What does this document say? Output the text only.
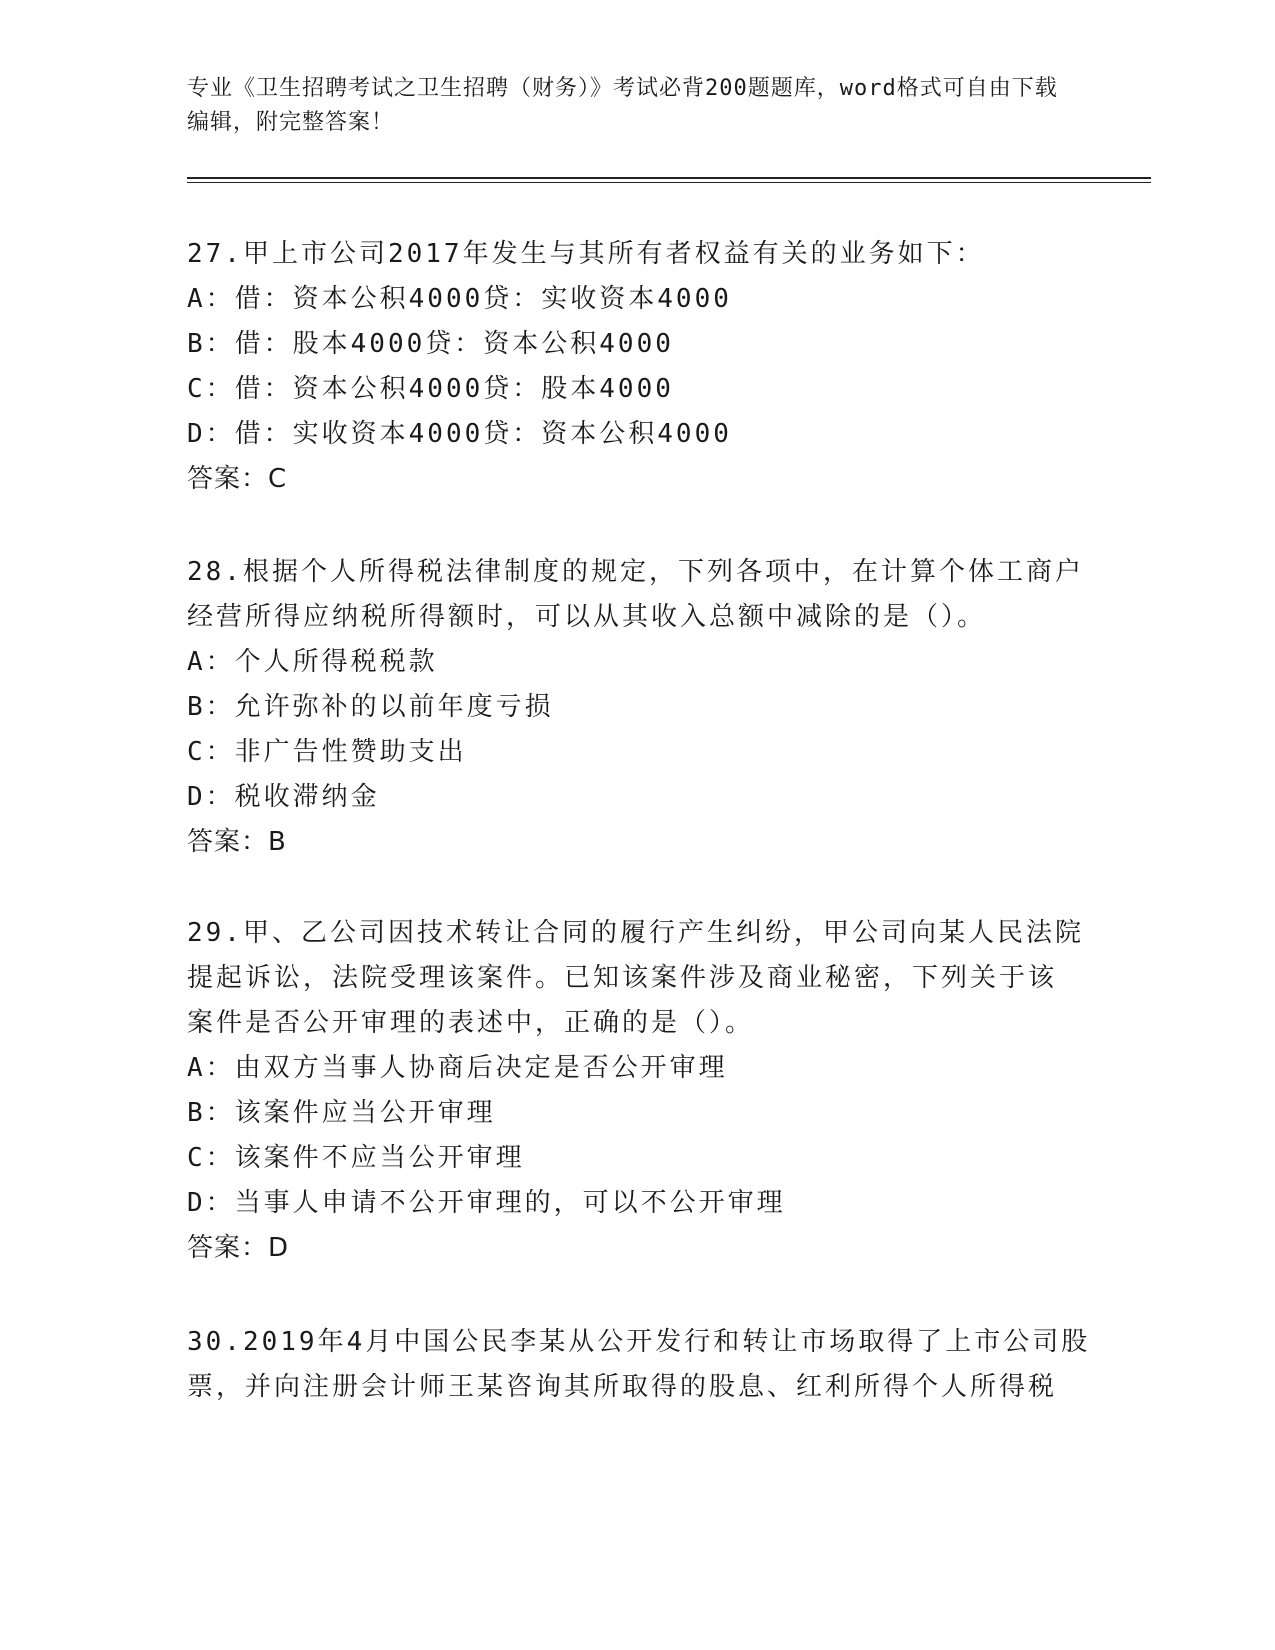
专业《卫生招聘考试之卫生招聘（财务）》考试必背200题题库，word格式可自由下载编辑，附完整答案！
27.甲上市公司2017年发生与其所有者权益有关的业务如下：
A：借：资本公积4000贷：实收资本4000
B：借：股本4000贷：资本公积4000
C：借：资本公积4000贷：股本4000
D：借：实收资本4000贷：资本公积4000
答案：C
28.根据个人所得税法律制度的规定，下列各项中，在计算个体工商户
经营所得应纳税所得额时，可以从其收入总额中减除的是（）。
A：个人所得税税款
B：允许弥补的以前年度亏损
C：非广告性赞助支出
D：税收滞纳金
答案：B
29.甲、乙公司因技术转让合同的履行产生纠纷，甲公司向某人民法院
提起诉讼，法院受理该案件。已知该案件涉及商业秘密，下列关于该
案件是否公开审理的表述中，正确的是（）。
A：由双方当事人协商后决定是否公开审理
B：该案件应当公开审理
C：该案件不应当公开审理
D：当事人申请不公开审理的，可以不公开审理
答案：D
30.2019年4月中国公民李某从公开发行和转让市场取得了上市公司股
票，并向注册会计师王某咨询其所取得的股息、红利所得个人所得税
